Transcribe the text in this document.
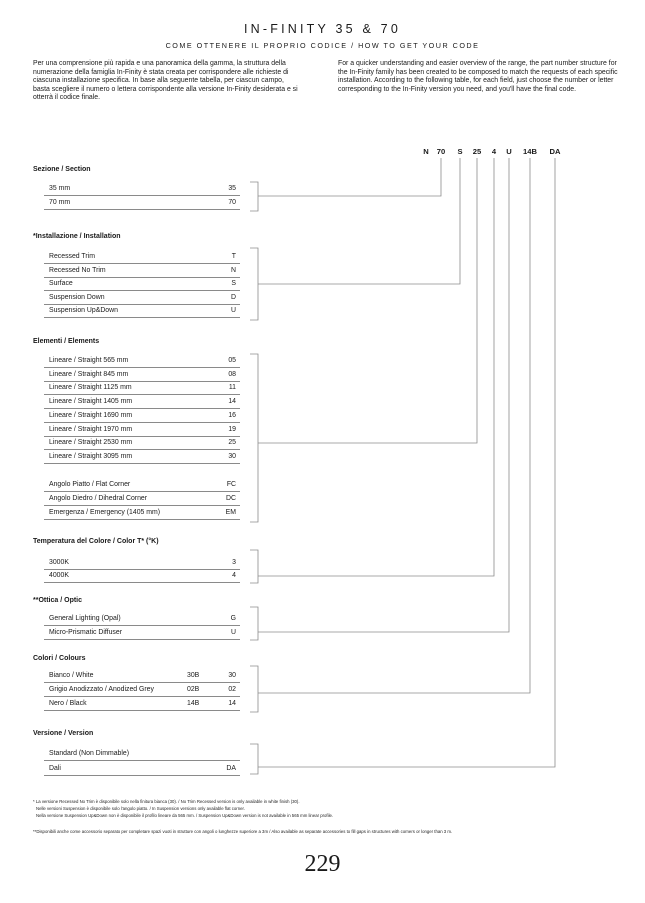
IN-FINITY 35 & 70
COME OTTENERE IL PROPRIO CODICE / HOW TO GET YOUR CODE
Per una comprensione più rapida e una panoramica della gamma, la struttura della numerazione della famiglia In-Finity è stata creata per corrispondere alle richieste di ciascuna installazione specifica. In base alla seguente tabella, per ciascun campo, basta scegliere il numero o lettera corrispondente alla versione In-Finity desiderata e si otterrà il codice finale.
For a quicker understanding and easier overview of the range, the part number structure for the In-Finity family has been created to be composed to match the requests of each specific installation. According to the following table, for each field, just choose the number or letter corresponding to the In-Finity version you need, and you'll have the final code.
N	70	S	25	4	U	14B	DA
Sezione / Section
35 mm	35
70 mm	70
*Installazione / Installation
Recessed Trim	T
Recessed No Trim	N
Surface	S
Suspension Down	D
Suspension Up&Down	U
Elementi / Elements
Lineare / Straight 565 mm	05
Lineare / Straight 845 mm	08
Lineare / Straight 1125 mm	11
Lineare / Straight 1405 mm	14
Lineare / Straight 1690 mm	16
Lineare / Straight 1970 mm	19
Lineare / Straight 2530 mm	25
Lineare / Straight 3095 mm	30
Angolo Piatto / Flat Corner	FC
Angolo Diedro / Dihedral Corner	DC
Emergenza / Emergency (1405 mm)	EM
Temperatura del Colore / Color T* (°K)
3000K	3
4000K	4
**Ottica / Optic
General Lighting (Opal)	G
Micro-Prismatic Diffuser	U
Colori / Colours
Bianco / White	30B	30
Grigio Anodizzato / Anodized Grey	02B	02
Nero / Black	14B	14
Versione / Version
Standard (Non Dimmable)
Dali	DA
* La versione Recessed No Trim è disponibile solo nella finitura bianca (30). / No Trim Recessed version is only available in white finish (30).
Nelle versioni Suspension è disponibile solo l'angolo piatto. / In Suspension versions only available flat corner.
Nella versione Suspension Up&Down non è disponibile il profilo lineare da 565 mm. / Suspension Up&Down version is not available in 565 mm linear profile.
**Disponibili anche come accessorio separato per completare spazi vuoti in strutture con angoli o lunghezze superiore a 3m / Also available as separate accessories to fill gaps in structures with corners or longer than 3 m.
229
